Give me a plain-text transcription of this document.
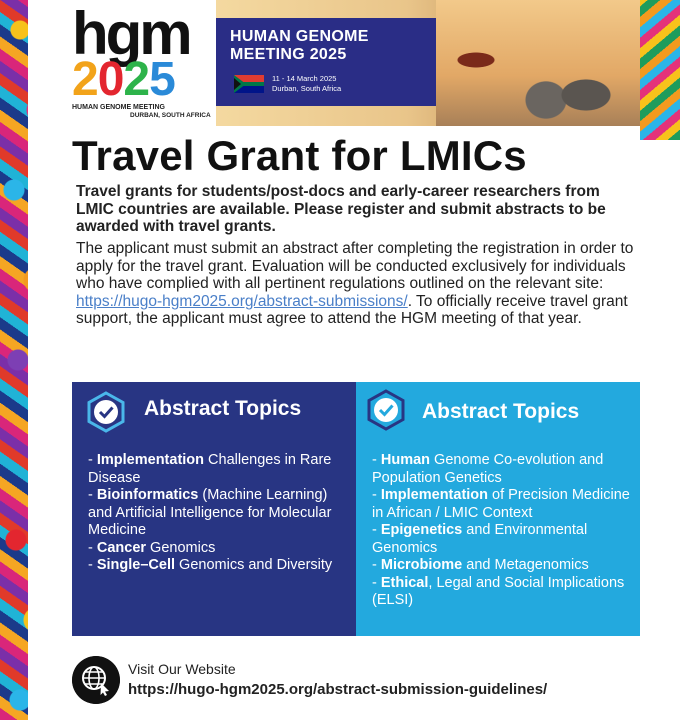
hgm
2025
HUMAN GENOME MEETING
DURBAN, SOUTH AFRICA
HUMAN GENOME MEETING 2025
11 - 14 March 2025
Durban, South Africa
Travel Grant for LMICs
Travel grants for students/post-docs and early-career researchers from LMIC countries are available. Please register and submit abstracts to be awarded with travel grants.
The applicant must submit an abstract after completing the registration in order to apply for the travel grant. Evaluation will be conducted exclusively for individuals who have complied with all pertinent regulations outlined on the relevant site: https://hugo-hgm2025.org/abstract-submissions/. To officially receive travel grant support, the applicant must agree to attend the HGM meeting of that year.
Abstract Topics
- Implementation Challenges in Rare Disease
- Bioinformatics (Machine Learning) and Artificial Intelligence for Molecular Medicine
- Cancer Genomics
- Single–Cell Genomics and Diversity
Abstract Topics
- Human Genome Co-evolution and Population Genetics
- Implementation of Precision Medicine in African / LMIC Context
- Epigenetics and Environmental Genomics
- Microbiome and Metagenomics
- Ethical, Legal and Social Implications (ELSI)
Visit Our Website
https://hugo-hgm2025.org/abstract-submission-guidelines/
